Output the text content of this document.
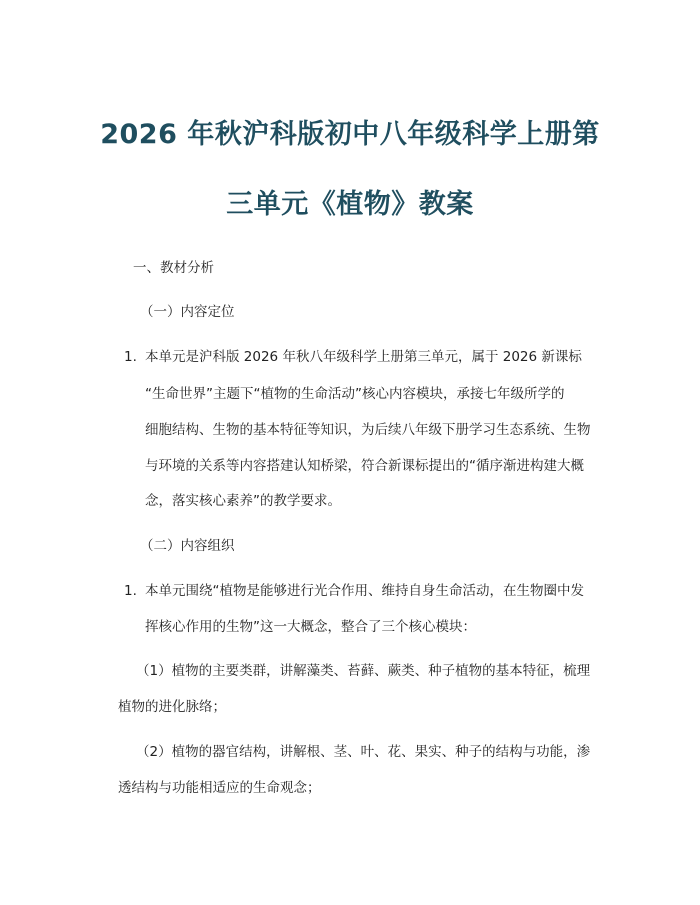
2026 年秋沪科版初中八年级科学上册第
三单元《植物》教案
一、教材分析
（一）内容定位
1. 本单元是沪科版 2026 年秋八年级科学上册第三单元，属于 2026 新课标
“生命世界”主题下“植物的生命活动”核心内容模块，承接七年级所学的
细胞结构、生物的基本特征等知识，为后续八年级下册学习生态系统、生物
与环境的关系等内容搭建认知桥梁，符合新课标提出的“循序渐进构建大概
念，落实核心素养”的教学要求。
（二）内容组织
1. 本单元围绕“植物是能够进行光合作用、维持自身生命活动，在生物圈中发
挥核心作用的生物”这一大概念，整合了三个核心模块：
（1）植物的主要类群，讲解藻类、苔藓、蕨类、种子植物的基本特征，梳理
植物的进化脉络；
（2）植物的器官结构，讲解根、茎、叶、花、果实、种子的结构与功能，渗
透结构与功能相适应的生命观念；
